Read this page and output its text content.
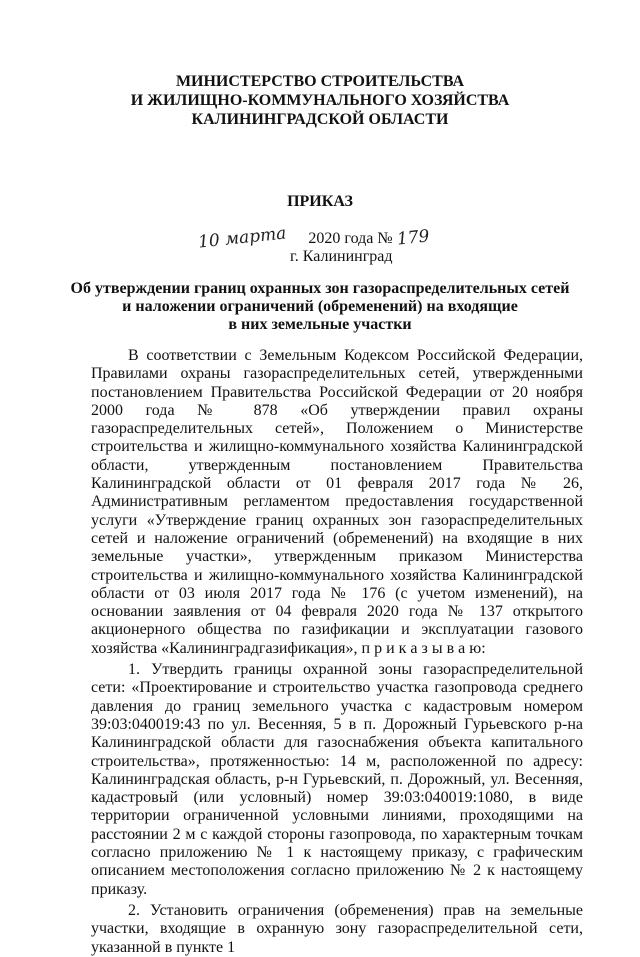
МИНИСТЕРСТВО СТРОИТЕЛЬСТВА
И ЖИЛИЩНО-КОММУНАЛЬНОГО ХОЗЯЙСТВА
КАЛИНИНГРАДСКОЙ ОБЛАСТИ
ПРИКАЗ
10 марта 2020 года № 179
г. Калининград
Об утверждении границ охранных зон газораспределительных сетей
и наложении ограничений (обременений) на входящие
в них земельные участки

В соответствии с Земельным Кодексом Российской Федерации, Правилами охраны газораспределительных сетей, утвержденными постановлением Правительства Российской Федерации от 20 ноября 2000 года № 878 «Об утверждении правил охраны газораспределительных сетей», Положением о Министерстве строительства и жилищно-коммунального хозяйства Калининградской области, утвержденным постановлением Правительства Калининградской области от 01 февраля 2017 года № 26, Административным регламентом предоставления государственной услуги «Утверждение границ охранных зон газораспределительных сетей и наложение ограничений (обременений) на входящие в них земельные участки», утвержденным приказом Министерства строительства и жилищно-коммунального хозяйства Калининградской области от 03 июля 2017 года № 176 (с учетом изменений), на основании заявления от 04 февраля 2020 года № 137 открытого акционерного общества по газификации и эксплуатации газового хозяйства «Калининградгазификация», п р и к а з ы в а ю:

1. Утвердить границы охранной зоны газораспределительной сети: «Проектирование и строительство участка газопровода среднего давления до границ земельного участка с кадастровым номером 39:03:040019:43 по ул. Весенняя, 5 в п. Дорожный Гурьевского р-на Калининградской области для газоснабжения объекта капитального строительства», протяженностью: 14 м, расположенной по адресу: Калининградская область, р-н Гурьевский, п. Дорожный, ул. Весенняя, кадастровый (или условный) номер 39:03:040019:1080, в виде территории ограниченной условными линиями, проходящими на расстоянии 2 м с каждой стороны газопровода, по характерным точкам согласно приложению № 1 к настоящему приказу, с графическим описанием местоположения согласно приложению № 2 к настоящему приказу.

2. Установить ограничения (обременения) прав на земельные участки, входящие в охранную зону газораспределительной сети, указанной в пункте 1
